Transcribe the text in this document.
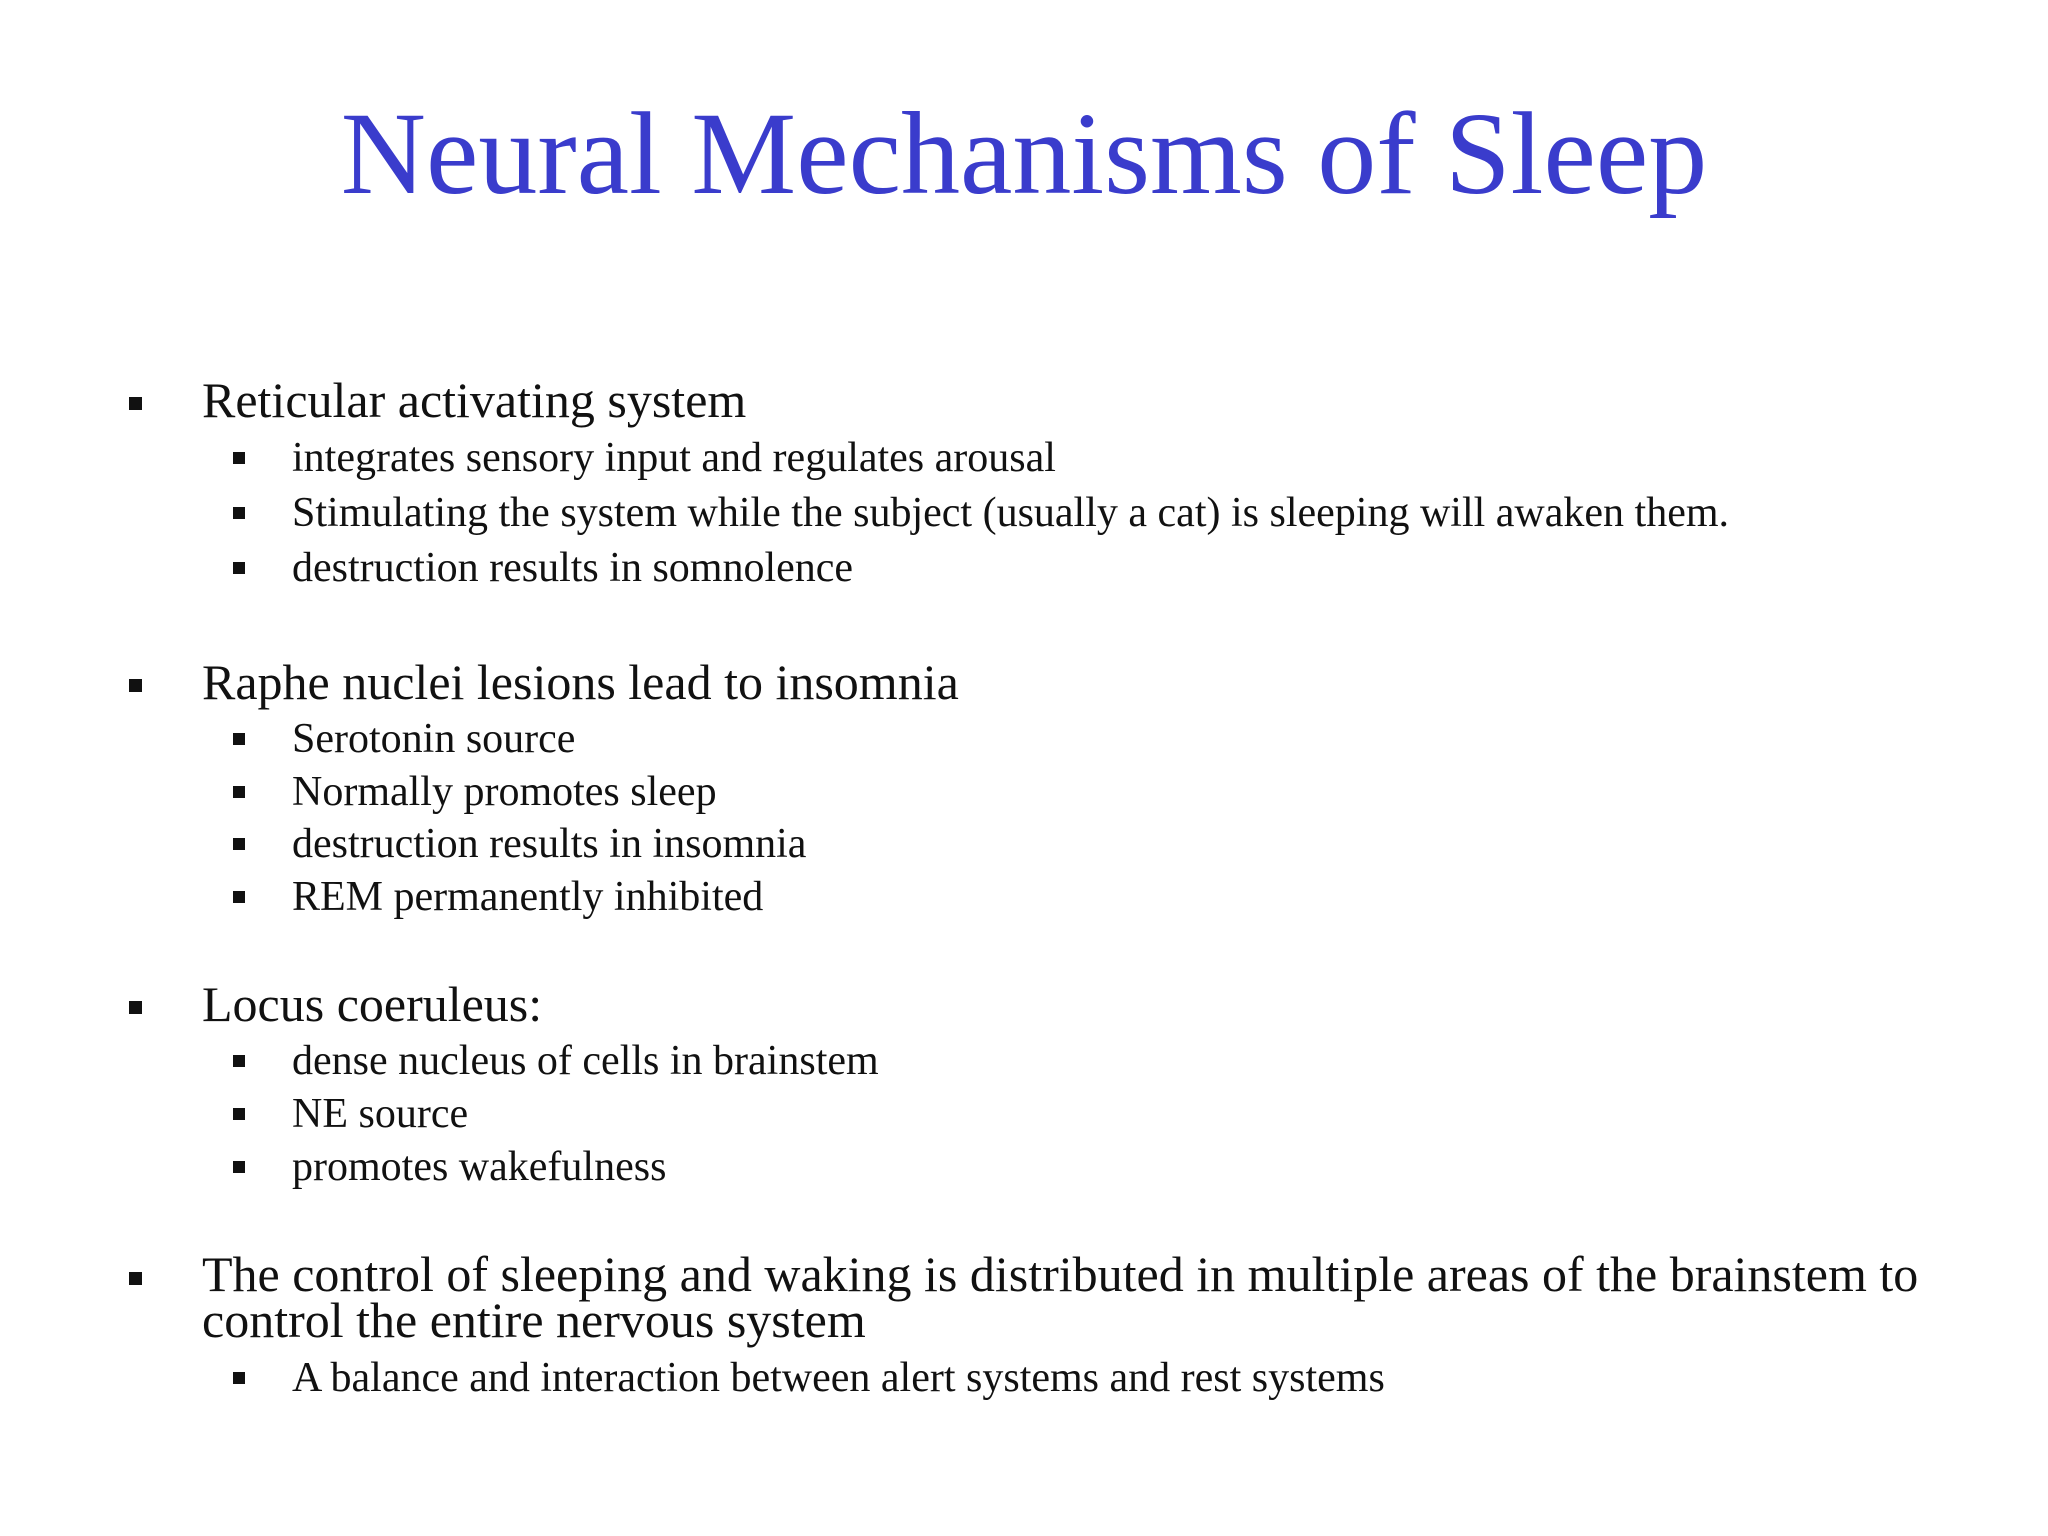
Neural Mechanisms of Sleep
Reticular activating system
integrates sensory input and regulates arousal
Stimulating the system while the subject (usually a cat) is sleeping will awaken them.
destruction results in somnolence
Raphe nuclei lesions lead to insomnia
Serotonin source
Normally promotes sleep
destruction results in insomnia
REM permanently inhibited
Locus coeruleus:
dense nucleus of cells in brainstem
NE source
promotes wakefulness
The control of sleeping and waking is distributed in multiple areas of the brainstem to control the entire nervous system
A balance and interaction between alert systems and rest systems
